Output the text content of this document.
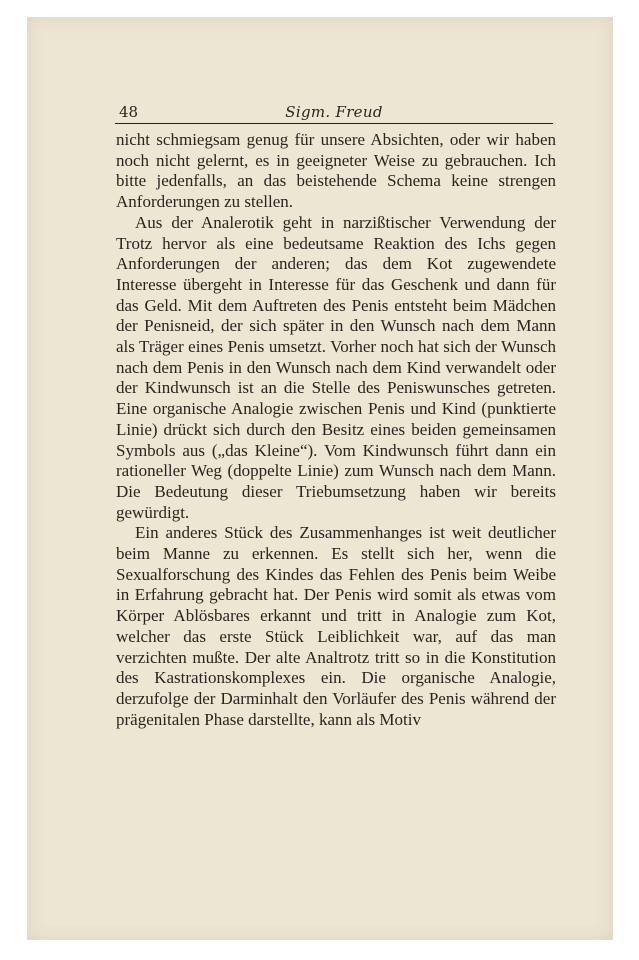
48	Sigm. Freud

nicht schmiegsam genug für unsere Absichten, oder wir haben noch nicht gelernt, es in geeigneter Weise zu gebrauchen. Ich bitte jedenfalls, an das beistehende Schema keine strengen Anforderungen zu stellen.

Aus der Analerotik geht in narzißtischer Verwendung der Trotz hervor als eine bedeutsame Reaktion des Ichs gegen Anforderungen der anderen; das dem Kot zugewendete Interesse übergeht in Interesse für das Geschenk und dann für das Geld. Mit dem Auftreten des Penis entsteht beim Mädchen der Penisneid, der sich später in den Wunsch nach dem Mann als Träger eines Penis umsetzt. Vorher noch hat sich der Wunsch nach dem Penis in den Wunsch nach dem Kind verwandelt oder der Kindwunsch ist an die Stelle des Peniswunsches getreten. Eine organische Analogie zwischen Penis und Kind (punktierte Linie) drückt sich durch den Besitz eines beiden gemeinsamen Symbols aus („das Kleine“). Vom Kindwunsch führt dann ein rationeller Weg (doppelte Linie) zum Wunsch nach dem Mann. Die Bedeutung dieser Triebumsetzung haben wir bereits gewürdigt.

Ein anderes Stück des Zusammenhanges ist weit deutlicher beim Manne zu erkennen. Es stellt sich her, wenn die Sexualforschung des Kindes das Fehlen des Penis beim Weibe in Erfahrung gebracht hat. Der Penis wird somit als etwas vom Körper Ablösbares erkannt und tritt in Analogie zum Kot, welcher das erste Stück Leiblichkeit war, auf das man verzichten mußte. Der alte Analtrotz tritt so in die Konstitution des Kastrationskomplexes ein. Die organische Analogie, derzufolge der Darminhalt den Vorläufer des Penis während der prägenitalen Phase darstellte, kann als Motiv
